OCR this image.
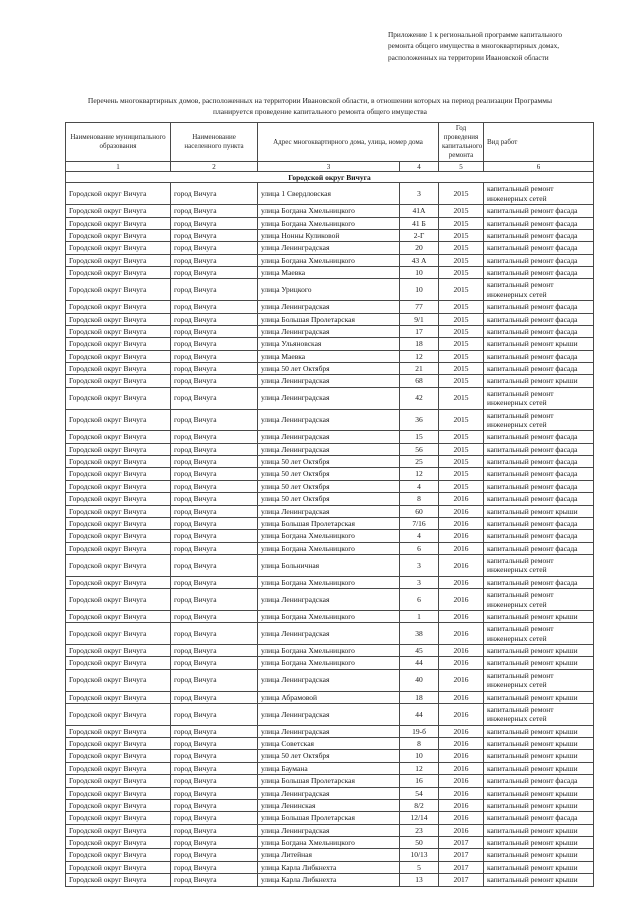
Приложение 1 к региональной программе капитального
ремонта общего имущества в многоквартирных домах,
расположенных на территории Ивановской области
Перечень многоквартирных домов, расположенных на территории Ивановской области, в отношении которых на период реализации Программы
планируется проведение капитального ремонта общего имущества
Наименование муниципального образования	Наименование населенного пункта	Адрес многоквартирного дома, улица, номер дома		Год проведения капитального ремонта	Вид работ
1	2	3	4	5	6
Городской округ Вичуга					
Городской округ Вичуга	город Вичуга	улица 1 Свердловская	3	2015	капитальный ремонт инженерных сетей
Городской округ Вичуга	город Вичуга	улица Богдана Хмельницкого	41А	2015	капитальный ремонт фасада
Городской округ Вичуга	город Вичуга	улица Богдана Хмельницкого	41 Б	2015	капитальный ремонт фасада
Городской округ Вичуга	город Вичуга	улица Нонны Куликовой	2-Г	2015	капитальный ремонт фасада
Городской округ Вичуга	город Вичуга	улица Ленинградская	20	2015	капитальный ремонт фасада
Городской округ Вичуга	город Вичуга	улица Богдана Хмельницкого	43 А	2015	капитальный ремонт фасада
Городской округ Вичуга	город Вичуга	улица Маевка	10	2015	капитальный ремонт фасада
Городской округ Вичуга	город Вичуга	улица Урицкого	10	2015	капитальный ремонт инженерных сетей
Городской округ Вичуга	город Вичуга	улица Ленинградская	77	2015	капитальный ремонт фасада
Городской округ Вичуга	город Вичуга	улица Большая Пролетарская	9/1	2015	капитальный ремонт фасада
Городской округ Вичуга	город Вичуга	улица Ленинградская	17	2015	капитальный ремонт фасада
Городской округ Вичуга	город Вичуга	улица Ульяновская	18	2015	капитальный ремонт крыши
Городской округ Вичуга	город Вичуга	улица Маевка	12	2015	капитальный ремонт фасада
Городской округ Вичуга	город Вичуга	улица 50 лет Октября	21	2015	капитальный ремонт фасада
Городской округ Вичуга	город Вичуга	улица Ленинградская	68	2015	капитальный ремонт крыши
Городской округ Вичуга	город Вичуга	улица Ленинградская	42	2015	капитальный ремонт инженерных сетей
Городской округ Вичуга	город Вичуга	улица Ленинградская	36	2015	капитальный ремонт инженерных сетей
Городской округ Вичуга	город Вичуга	улица Ленинградская	15	2015	капитальный ремонт фасада
Городской округ Вичуга	город Вичуга	улица Ленинградская	56	2015	капитальный ремонт фасада
Городской округ Вичуга	город Вичуга	улица 50 лет Октября	25	2015	капитальный ремонт фасада
Городской округ Вичуга	город Вичуга	улица 50 лет Октября	12	2015	капитальный ремонт фасада
Городской округ Вичуга	город Вичуга	улица 50 лет Октября	4	2015	капитальный ремонт фасада
Городской округ Вичуга	город Вичуга	улица 50 лет Октября	8	2016	капитальный ремонт фасада
Городской округ Вичуга	город Вичуга	улица Ленинградская	60	2016	капитальный ремонт крыши
Городской округ Вичуга	город Вичуга	улица Большая Пролетарская	7/16	2016	капитальный ремонт фасада
Городской округ Вичуга	город Вичуга	улица Богдана Хмельницкого	4	2016	капитальный ремонт фасада
Городской округ Вичуга	город Вичуга	улица Богдана Хмельницкого	6	2016	капитальный ремонт фасада
Городской округ Вичуга	город Вичуга	улица Больничная	3	2016	капитальный ремонт инженерных сетей
Городской округ Вичуга	город Вичуга	улица Богдана Хмельницкого	3	2016	капитальный ремонт фасада
Городской округ Вичуга	город Вичуга	улица Ленинградская	6	2016	капитальный ремонт инженерных сетей
Городской округ Вичуга	город Вичуга	улица Богдана Хмельницкого	1	2016	капитальный ремонт крыши
Городской округ Вичуга	город Вичуга	улица Ленинградская	38	2016	капитальный ремонт инженерных сетей
Городской округ Вичуга	город Вичуга	улица Богдана Хмельницкого	45	2016	капитальный ремонт крыши
Городской округ Вичуга	город Вичуга	улица Богдана Хмельницкого	44	2016	капитальный ремонт крыши
Городской округ Вичуга	город Вичуга	улица Ленинградская	40	2016	капитальный ремонт инженерных сетей
Городской округ Вичуга	город Вичуга	улица Абрамовой	18	2016	капитальный ремонт крыши
Городской округ Вичуга	город Вичуга	улица Ленинградская	44	2016	капитальный ремонт инженерных сетей
Городской округ Вичуга	город Вичуга	улица Ленинградская	19-б	2016	капитальный ремонт крыши
Городской округ Вичуга	город Вичуга	улица Советская	8	2016	капитальный ремонт крыши
Городской округ Вичуга	город Вичуга	улица 50 лет Октября	10	2016	капитальный ремонт крыши
Городской округ Вичуга	город Вичуга	улица Баумана	12	2016	капитальный ремонт крыши
Городской округ Вичуга	город Вичуга	улица Большая Пролетарская	16	2016	капитальный ремонт фасада
Городской округ Вичуга	город Вичуга	улица Ленинградская	54	2016	капитальный ремонт крыши
Городской округ Вичуга	город Вичуга	улица Ленинская	8/2	2016	капитальный ремонт крыши
Городской округ Вичуга	город Вичуга	улица Большая Пролетарская	12/14	2016	капитальный ремонт фасада
Городской округ Вичуга	город Вичуга	улица Ленинградская	23	2016	капитальный ремонт крыши
Городской округ Вичуга	город Вичуга	улица Богдана Хмельницкого	50	2017	капитальный ремонт крыши
Городской округ Вичуга	город Вичуга	улица Литейная	10/13	2017	капитальный ремонт крыши
Городской округ Вичуга	город Вичуга	улица Карла Либкнехта	5	2017	капитальный ремонт крыши
Городской округ Вичуга	город Вичуга	улица Карла Либкнехта	13	2017	капитальный ремонт крыши
